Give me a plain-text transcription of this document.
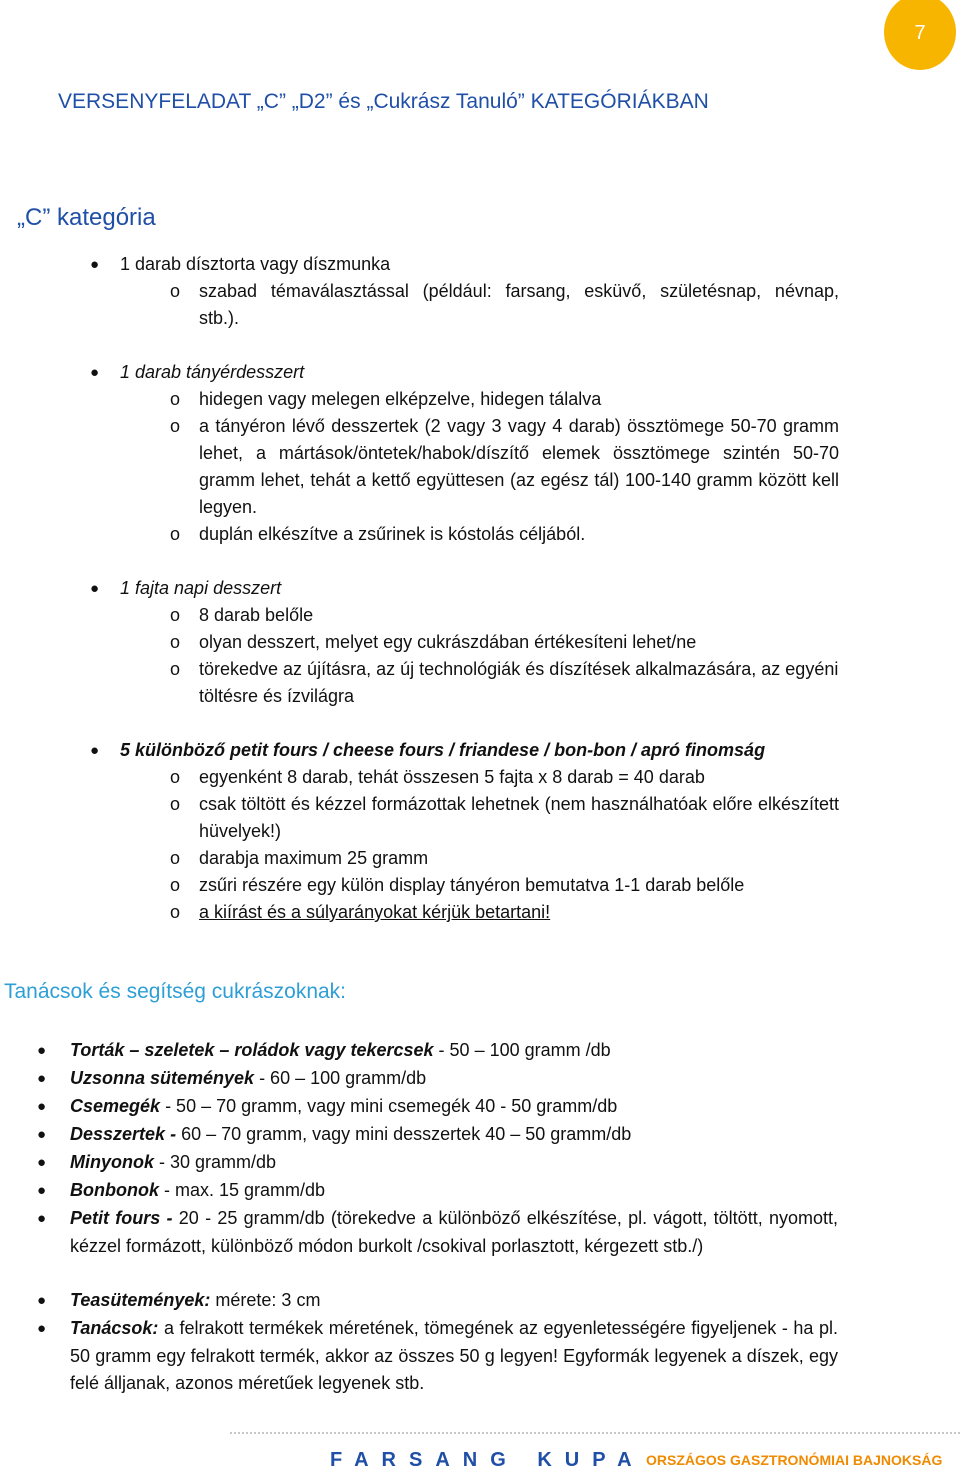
7
VERSENYFELADAT „C” „D2” és „Cukrász Tanuló” KATEGÓRIÁKBAN
„C” kategória
● 1 darab dísztorta vagy díszmunka
o szabad témaválasztással (például: farsang, esküvő, születésnap, névnap, stb.).
● 1 darab tányérdesszert
o hidegen vagy melegen elképzelve, hidegen tálalva
o a tányéron lévő desszertek (2 vagy 3 vagy 4 darab) össztömege 50-70 gramm lehet, a mártások/öntetek/habok/díszítő elemek össztömege szintén 50-70 gramm lehet, tehát a kettő együttesen (az egész tál) 100-140 gramm között kell legyen.
o duplán elkészítve a zsűrinek is kóstolás céljából.
● 1 fajta napi desszert
o 8 darab belőle
o olyan desszert, melyet egy cukrászdában értékesíteni lehet/ne
o törekedve az újításra, az új technológiák és díszítések alkalmazására, az egyéni töltésre és ízvilágra
● 5 különböző petit fours / cheese fours / friandese / bon-bon / apró finomság
o egyenként 8 darab, tehát összesen 5 fajta x 8 darab = 40 darab
o csak töltött és kézzel formázottak lehetnek (nem használhatóak előre elkészített hüvelyek!)
o darabja maximum 25 gramm
o zsűri részére egy külön display tányéron bemutatva 1-1 darab belőle
o a kiírást és a súlyarányokat kérjük betartani!
Tanácsok és segítség cukrászoknak:
● Torták – szeletek – roládok vagy tekercsek - 50 – 100 gramm /db
● Uzsonna sütemények - 60 – 100 gramm/db
● Csemegék - 50 – 70 gramm, vagy mini csemegék 40 - 50 gramm/db
● Desszertek - 60 – 70 gramm, vagy mini desszertek 40 – 50 gramm/db
● Minyonok - 30 gramm/db
● Bonbonok - max. 15 gramm/db
● Petit fours - 20 - 25 gramm/db (törekedve a különböző elkészítése, pl. vágott, töltött, nyomott, kézzel formázott, különböző módon burkolt /csokival porlasztott, kérgezett stb./)
● Teasütemények: mérete: 3 cm
● Tanácsok: a felrakott termékek méretének, tömegének az egyenletességére figyeljenek - ha pl. 50 gramm egy felrakott termék, akkor az összes 50 g legyen! Egyformák legyenek a díszek, egy felé álljanak, azonos méretűek legyenek stb.
FARSANG KUPA ORSZÁGOS GASZTRONÓMIAI BAJNOKSÁG
